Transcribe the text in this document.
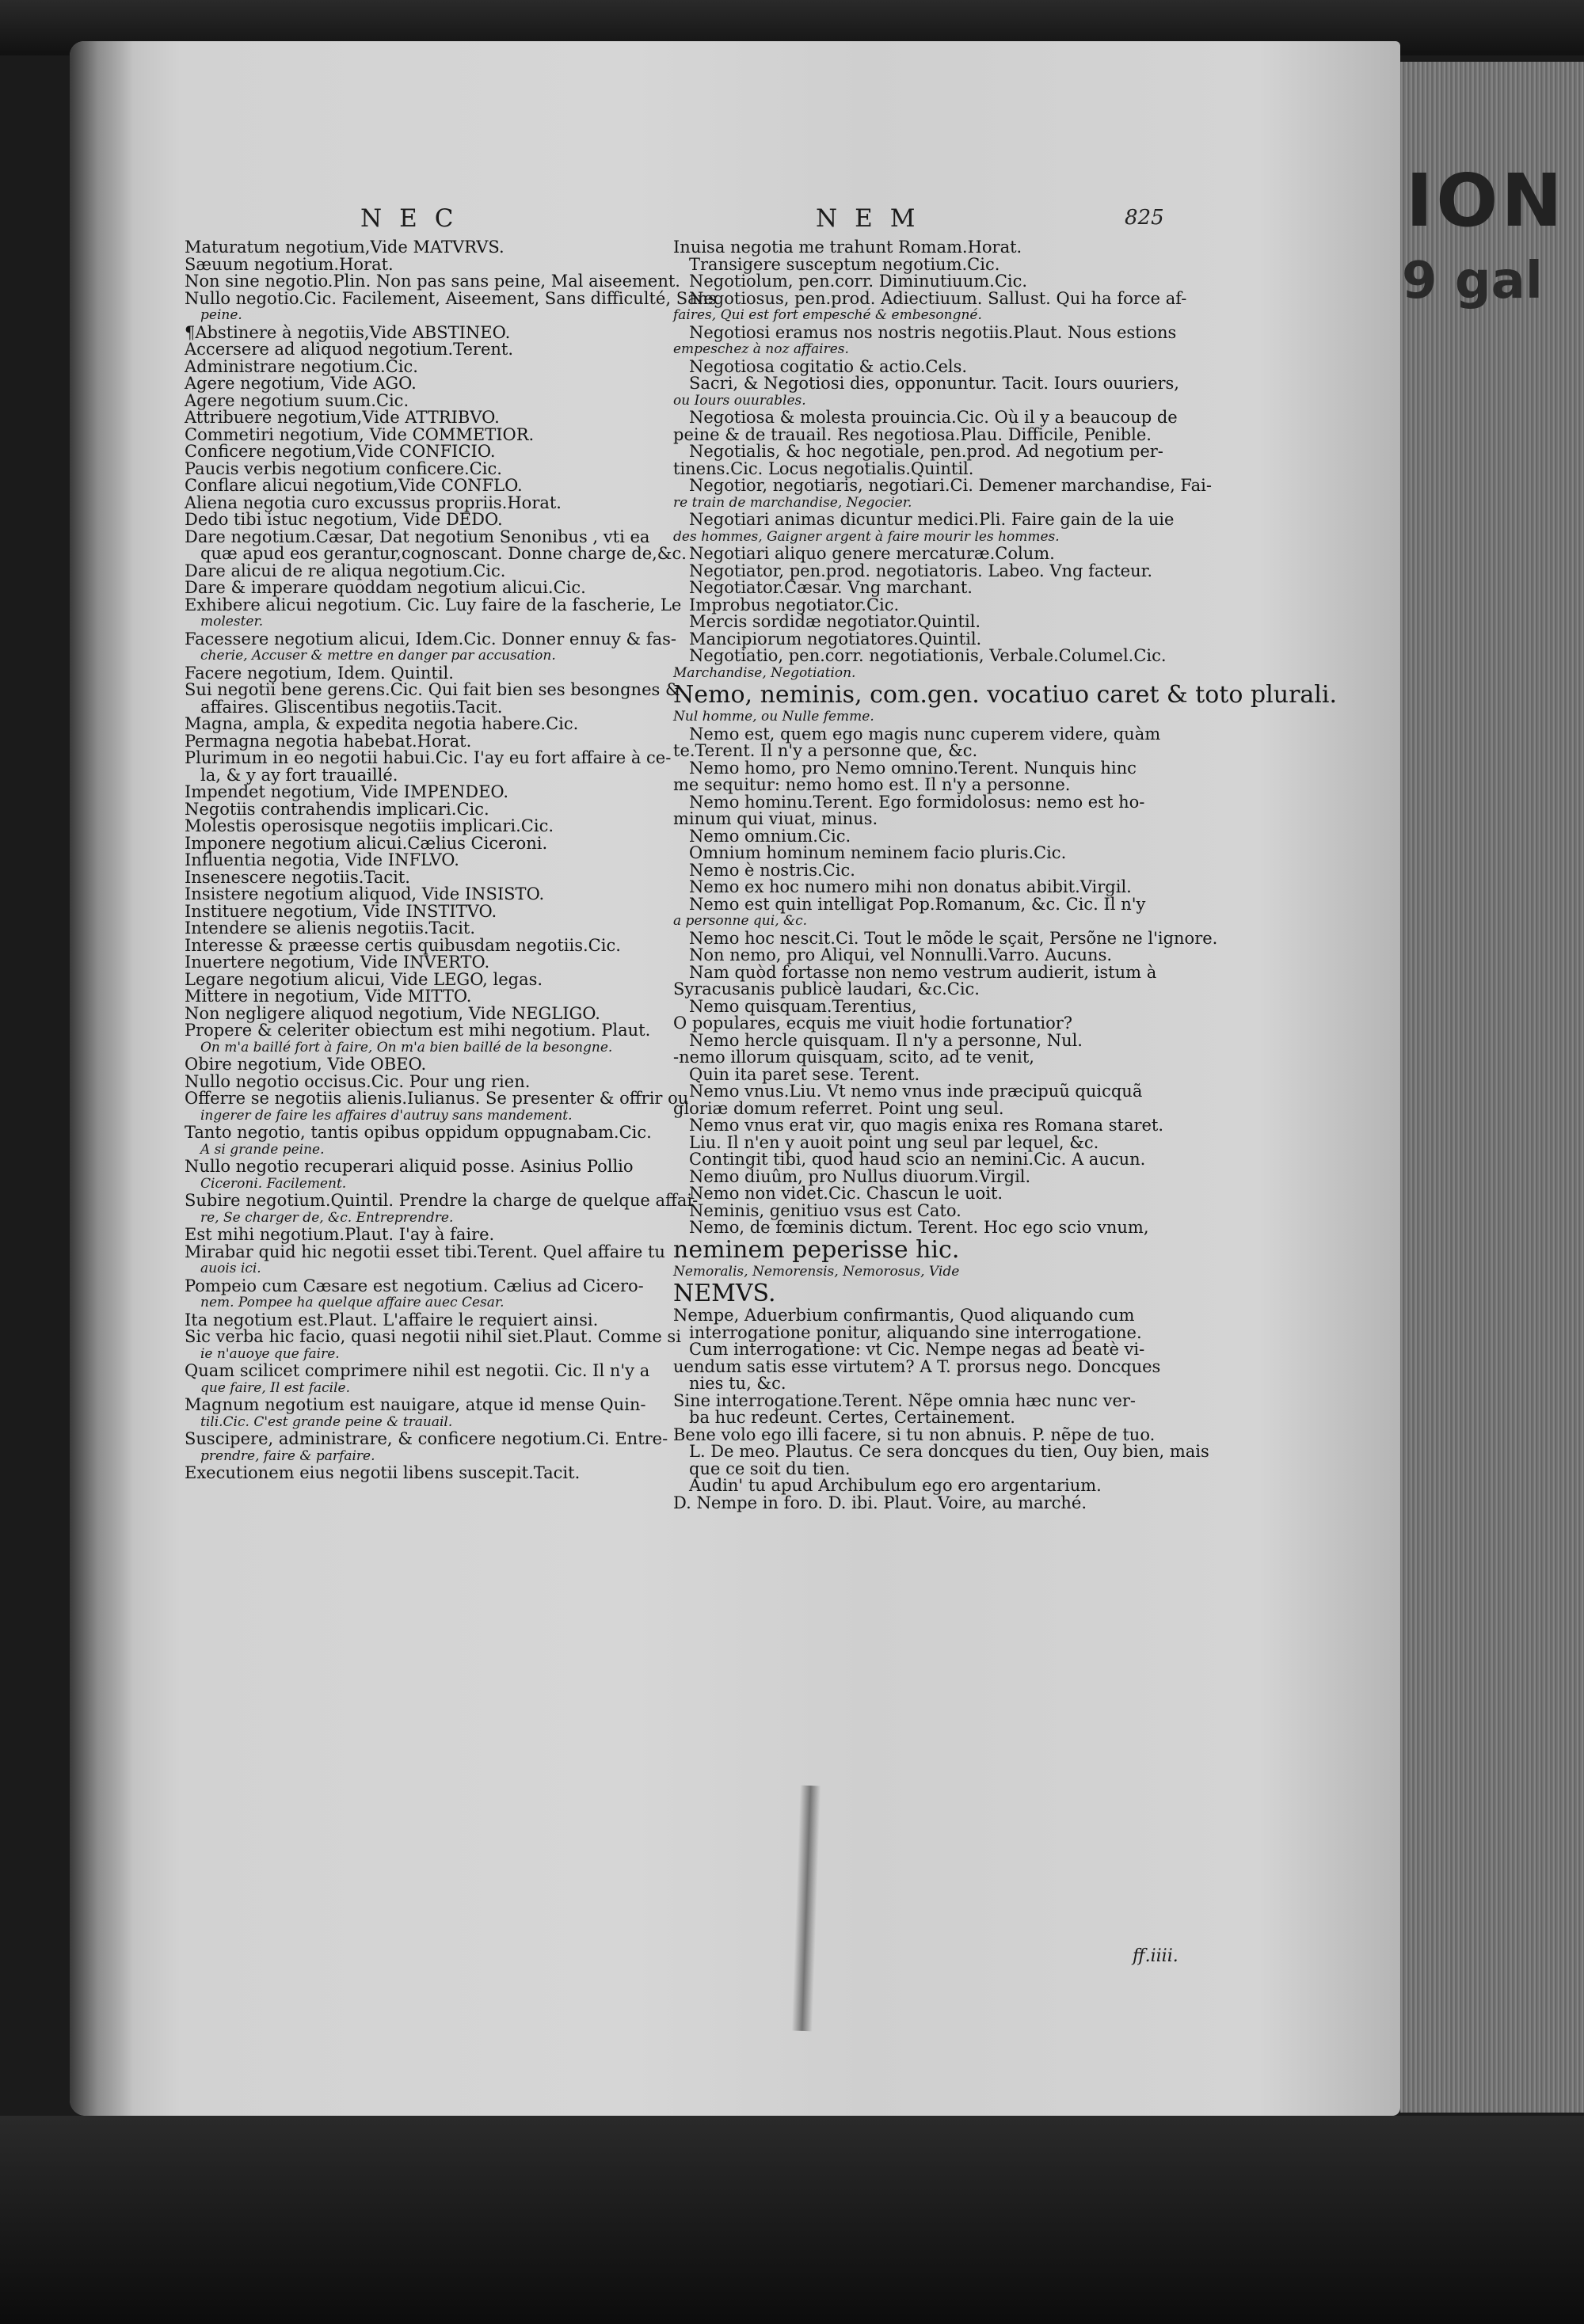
ION
9 gal
NEC	NEM	825
Maturatum negotium,Vide MATVRVS.
Sæuum negotium.Horat.
Non sine negotio.Plin. Non pas sans peine, Mal aiseement.
Nullo negotio.Cic. Facilement, Aiseement, Sans difficulté, Sans
peine.
¶Abstinere à negotiis,Vide ABSTINEO.
Accersere ad aliquod negotium.Terent.
Administrare negotium.Cic.
Agere negotium, Vide AGO.
Agere negotium suum.Cic.
Attribuere negotium,Vide ATTRIBVO.
Commetiri negotium, Vide COMMETIOR.
Conficere negotium,Vide CONFICIO.
Paucis verbis negotium conficere.Cic.
Conflare alicui negotium,Vide CONFLO.
Aliena negotia curo excussus propriis.Horat.
Dedo tibi istuc negotium, Vide DEDO.
Dare negotium.Cæsar, Dat negotium Senonibus , vti ea
quæ apud eos gerantur,cognoscant. Donne charge de,&c.
Dare alicui de re aliqua negotium.Cic.
Dare & imperare quoddam negotium alicui.Cic.
Exhibere alicui negotium. Cic. Luy faire de la fascherie, Le
molester.
Facessere negotium alicui, Idem.Cic. Donner ennuy & fas-
cherie, Accuser & mettre en danger par accusation.
Facere negotium, Idem. Quintil.
Sui negotii bene gerens.Cic. Qui fait bien ses besongnes &
affaires. Gliscentibus negotiis.Tacit.
Magna, ampla, & expedita negotia habere.Cic.
Permagna negotia habebat.Horat.
Plurimum in eo negotii habui.Cic. I'ay eu fort affaire à ce-
la, & y ay fort trauaillé.
Impendet negotium, Vide IMPENDEO.
Negotiis contrahendis implicari.Cic.
Molestis operosisque negotiis implicari.Cic.
Imponere negotium alicui.Cælius Ciceroni.
Influentia negotia, Vide INFLVO.
Insenescere negotiis.Tacit.
Insistere negotium aliquod, Vide INSISTO.
Instituere negotium, Vide INSTITVO.
Intendere se alienis negotiis.Tacit.
Interesse & præesse certis quibusdam negotiis.Cic.
Inuertere negotium, Vide INVERTO.
Legare negotium alicui, Vide LEGO, legas.
Mittere in negotium, Vide MITTO.
Non negligere aliquod negotium, Vide NEGLIGO.
Propere & celeriter obiectum est mihi negotium. Plaut.
On m'a baillé fort à faire, On m'a bien baillé de la besongne.
Obire negotium, Vide OBEO.
Nullo negotio occisus.Cic. Pour ung rien.
Offerre se negotiis alienis.Iulianus. Se presenter & offrir ou
ingerer de faire les affaires d'autruy sans mandement.
Tanto negotio, tantis opibus oppidum oppugnabam.Cic.
A si grande peine.
Nullo negotio recuperari aliquid posse. Asinius Pollio
Ciceroni. Facilement.
Subire negotium.Quintil. Prendre la charge de quelque affai-
re, Se charger de, &c. Entreprendre.
Est mihi negotium.Plaut. I'ay à faire.
Mirabar quid hic negotii esset tibi.Terent. Quel affaire tu
auois ici.
Pompeio cum Cæsare est negotium. Cælius ad Cicero-
nem. Pompee ha quelque affaire auec Cesar.
Ita negotium est.Plaut. L'affaire le requiert ainsi.
Sic verba hic facio, quasi negotii nihil siet.Plaut. Comme si
ie n'auoye que faire.
Quam scilicet comprimere nihil est negotii. Cic. Il n'y a
que faire, Il est facile.
Magnum negotium est nauigare, atque id mense Quin-
tili.Cic. C'est grande peine & trauail.
Suscipere, administrare, & conficere negotium.Ci. Entre-
prendre, faire & parfaire.
Executionem eius negotii libens suscepit.Tacit.
Inuisa negotia me trahunt Romam.Horat.
Transigere susceptum negotium.Cic.
Negotiolum, pen.corr. Diminutiuum.Cic.
Negotiosus, pen.prod. Adiectiuum. Sallust. Qui ha force af-
faires, Qui est fort empesché & embesongné.
Negotiosi eramus nos nostris negotiis.Plaut. Nous estions
empeschez à noz affaires.
Negotiosa cogitatio & actio.Cels.
Sacri, & Negotiosi dies, opponuntur. Tacit. Iours ouuriers,
ou Iours ouurables.
Negotiosa & molesta prouincia.Cic. Où il y a beaucoup de
peine & de trauail. Res negotiosa.Plau. Difficile, Penible.
Negotialis, & hoc negotiale, pen.prod. Ad negotium per-
tinens.Cic. Locus negotialis.Quintil.
Negotior, negotiaris, negotiari.Ci. Demener marchandise, Fai-
re train de marchandise, Negocier.
Negotiari animas dicuntur medici.Pli. Faire gain de la uie
des hommes, Gaigner argent à faire mourir les hommes.
Negotiari aliquo genere mercaturæ.Colum.
Negotiator, pen.prod. negotiatoris. Labeo. Vng facteur.
Negotiator.Cæsar. Vng marchant.
Improbus negotiator.Cic.
Mercis sordidæ negotiator.Quintil.
Mancipiorum negotiatores.Quintil.
Negotiatio, pen.corr. negotiationis, Verbale.Columel.Cic.
Marchandise, Negotiation.
Nemo, neminis, com.gen. vocatiuo caret & toto plurali.
Nul homme, ou Nulle femme.
Nemo est, quem ego magis nunc cuperem videre, quàm
te.Terent. Il n'y a personne que, &c.
Nemo homo, pro Nemo omnino.Terent. Nunquis hinc
me sequitur: nemo homo est. Il n'y a personne.
Nemo hominu.Terent. Ego formidolosus: nemo est ho-
minum qui viuat, minus.
Nemo omnium.Cic.
Omnium hominum neminem facio pluris.Cic.
Nemo è nostris.Cic.
Nemo ex hoc numero mihi non donatus abibit.Virgil.
Nemo est quin intelligat Pop.Romanum, &c. Cic. Il n'y
a personne qui, &c.
Nemo hoc nescit.Ci. Tout le mõde le sçait, Persõne ne l'ignore.
Non nemo, pro Aliqui, vel Nonnulli.Varro. Aucuns.
Nam quòd fortasse non nemo vestrum audierit, istum à
Syracusanis publicè laudari, &c.Cic.
Nemo quisquam.Terentius,
O populares, ecquis me viuit hodie fortunatior?
Nemo hercle quisquam. Il n'y a personne, Nul.
-nemo illorum quisquam, scito, ad te venit,
Quin ita paret sese. Terent.
Nemo vnus.Liu. Vt nemo vnus inde præcipuũ quicquã
gloriæ domum referret. Point ung seul.
Nemo vnus erat vir, quo magis enixa res Romana staret.
Liu. Il n'en y auoit point ung seul par lequel, &c.
Contingit tibi, quod haud scio an nemini.Cic. A aucun.
Nemo diuûm, pro Nullus diuorum.Virgil.
Nemo non videt.Cic. Chascun le uoit.
Neminis, genitiuo vsus est Cato.
Nemo, de fœminis dictum. Terent. Hoc ego scio vnum,
neminem peperisse hic.
Nemoralis, Nemorensis, Nemorosus, Vide
NEMVS.
Nempe, Aduerbium confirmantis, Quod aliquando cum
interrogatione ponitur, aliquando sine interrogatione.
Cum interrogatione: vt Cic. Nempe negas ad beatè vi-
uendum satis esse virtutem? A T. prorsus nego. Doncques
nies tu, &c.
Sine interrogatione.Terent. Nẽpe omnia hæc nunc ver-
ba huc redeunt. Certes, Certainement.
Bene volo ego illi facere, si tu non abnuis. P. nẽpe de tuo.
L. De meo. Plautus. Ce sera doncques du tien, Ouy bien, mais
que ce soit du tien.
Audin' tu apud Archibulum ego ero argentarium.
D. Nempe in foro. D. ibi. Plaut. Voire, au marché.
ff.iiii.
